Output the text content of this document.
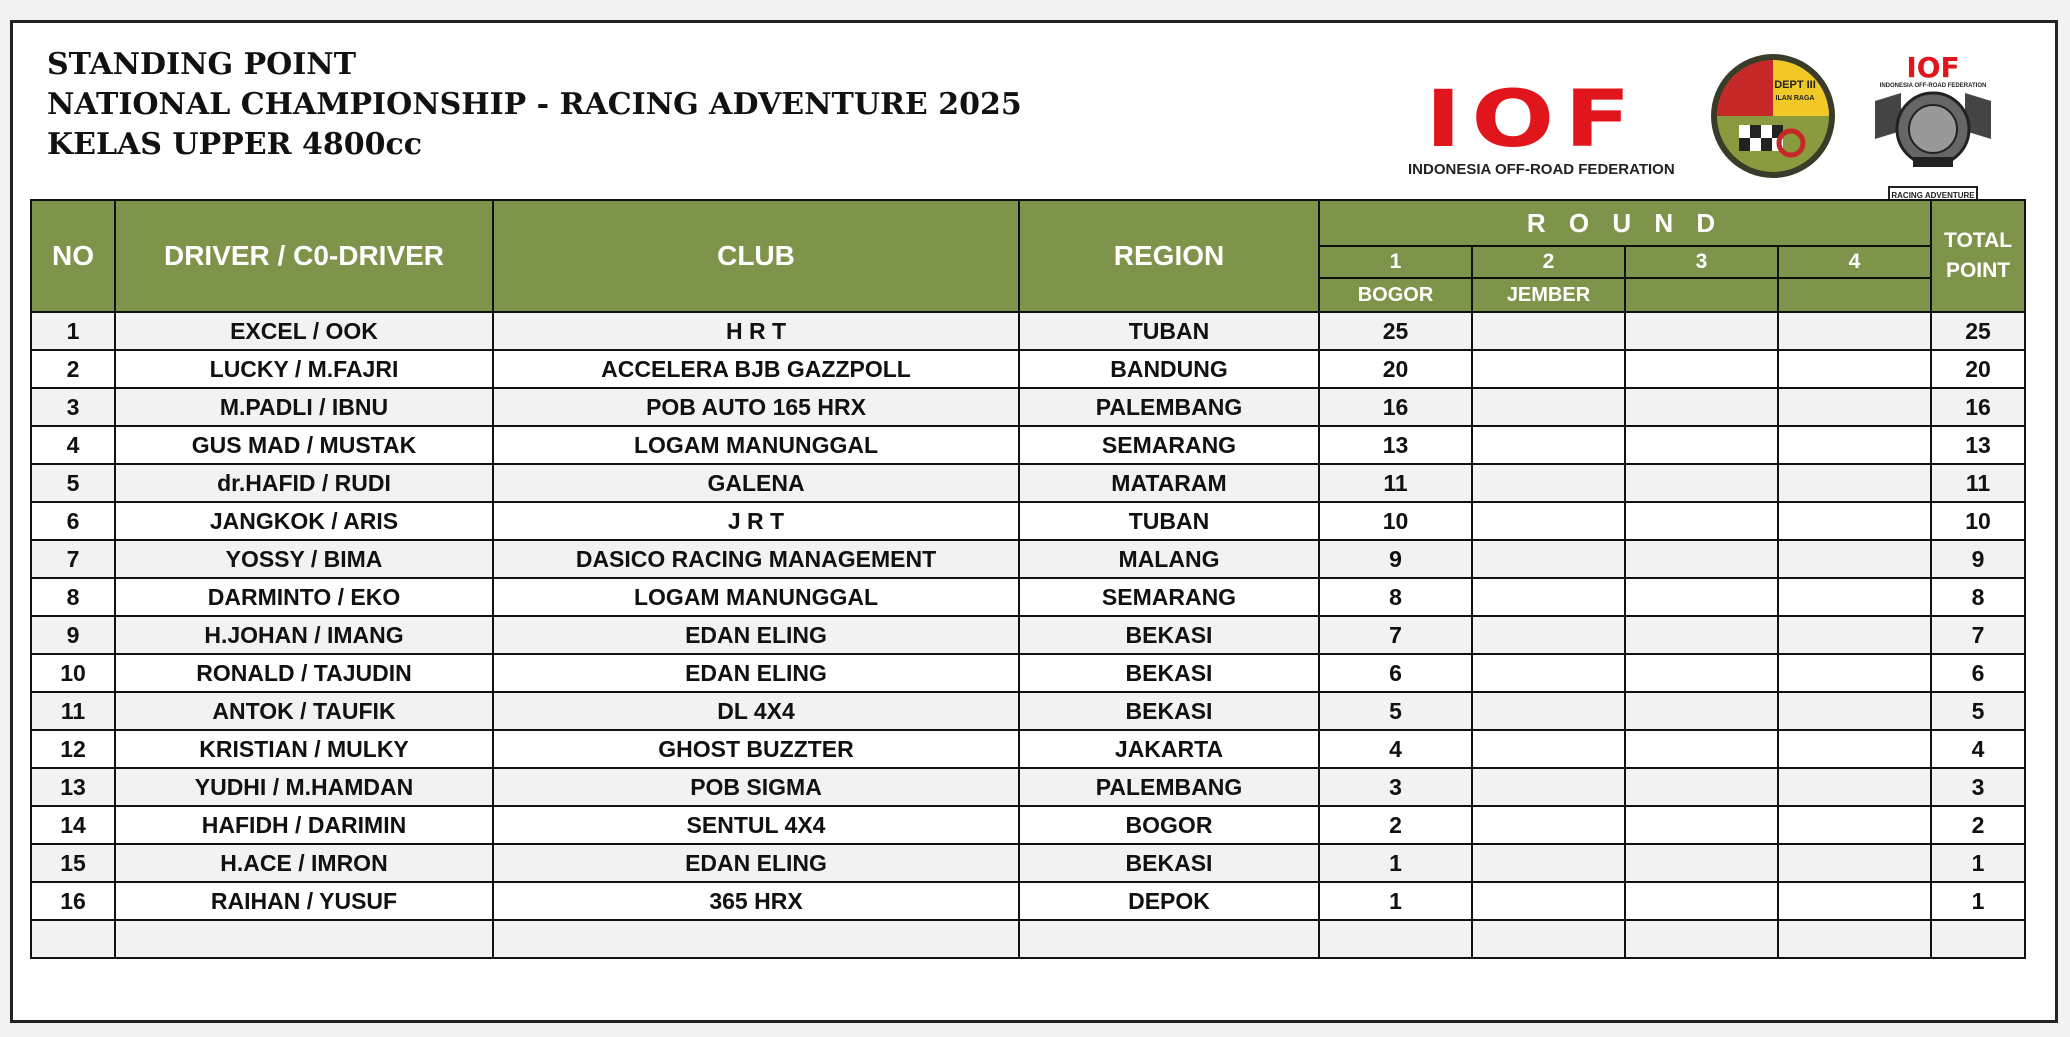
STANDING POINT
NATIONAL CHAMPIONSHIP - RACING ADVENTURE 2025
KELAS UPPER 4800cc	IOF
INDONESIA OFF-ROAD FEDERATION
DEPT III
ILAN RAGA
IOF
INDONESIA OFF-ROAD FEDERATION
RACING ADVENTURE
NO	DRIVER / C0-DRIVER	CLUB	REGION	R O U N D				TOTAL
POINT
				1	2	3	4	
				BOGOR	JEMBER			
1	EXCEL / OOK	H R T	TUBAN	25				25
2	LUCKY / M.FAJRI	ACCELERA BJB GAZZPOLL	BANDUNG	20				20
3	M.PADLI / IBNU	POB AUTO 165 HRX	PALEMBANG	16				16
4	GUS MAD / MUSTAK	LOGAM MANUNGGAL	SEMARANG	13				13
5	dr.HAFID / RUDI	GALENA	MATARAM	11				11
6	JANGKOK / ARIS	J R T	TUBAN	10				10
7	YOSSY / BIMA	DASICO RACING MANAGEMENT	MALANG	9				9
8	DARMINTO / EKO	LOGAM MANUNGGAL	SEMARANG	8				8
9	H.JOHAN / IMANG	EDAN ELING	BEKASI	7				7
10	RONALD / TAJUDIN	EDAN ELING	BEKASI	6				6
11	ANTOK / TAUFIK	DL 4X4	BEKASI	5				5
12	KRISTIAN / MULKY	GHOST BUZZTER	JAKARTA	4				4
13	YUDHI / M.HAMDAN	POB SIGMA	PALEMBANG	3				3
14	HAFIDH / DARIMIN	SENTUL 4X4	BOGOR	2				2
15	H.ACE / IMRON	EDAN ELING	BEKASI	1				1
16	RAIHAN / YUSUF	365 HRX	DEPOK	1				1
